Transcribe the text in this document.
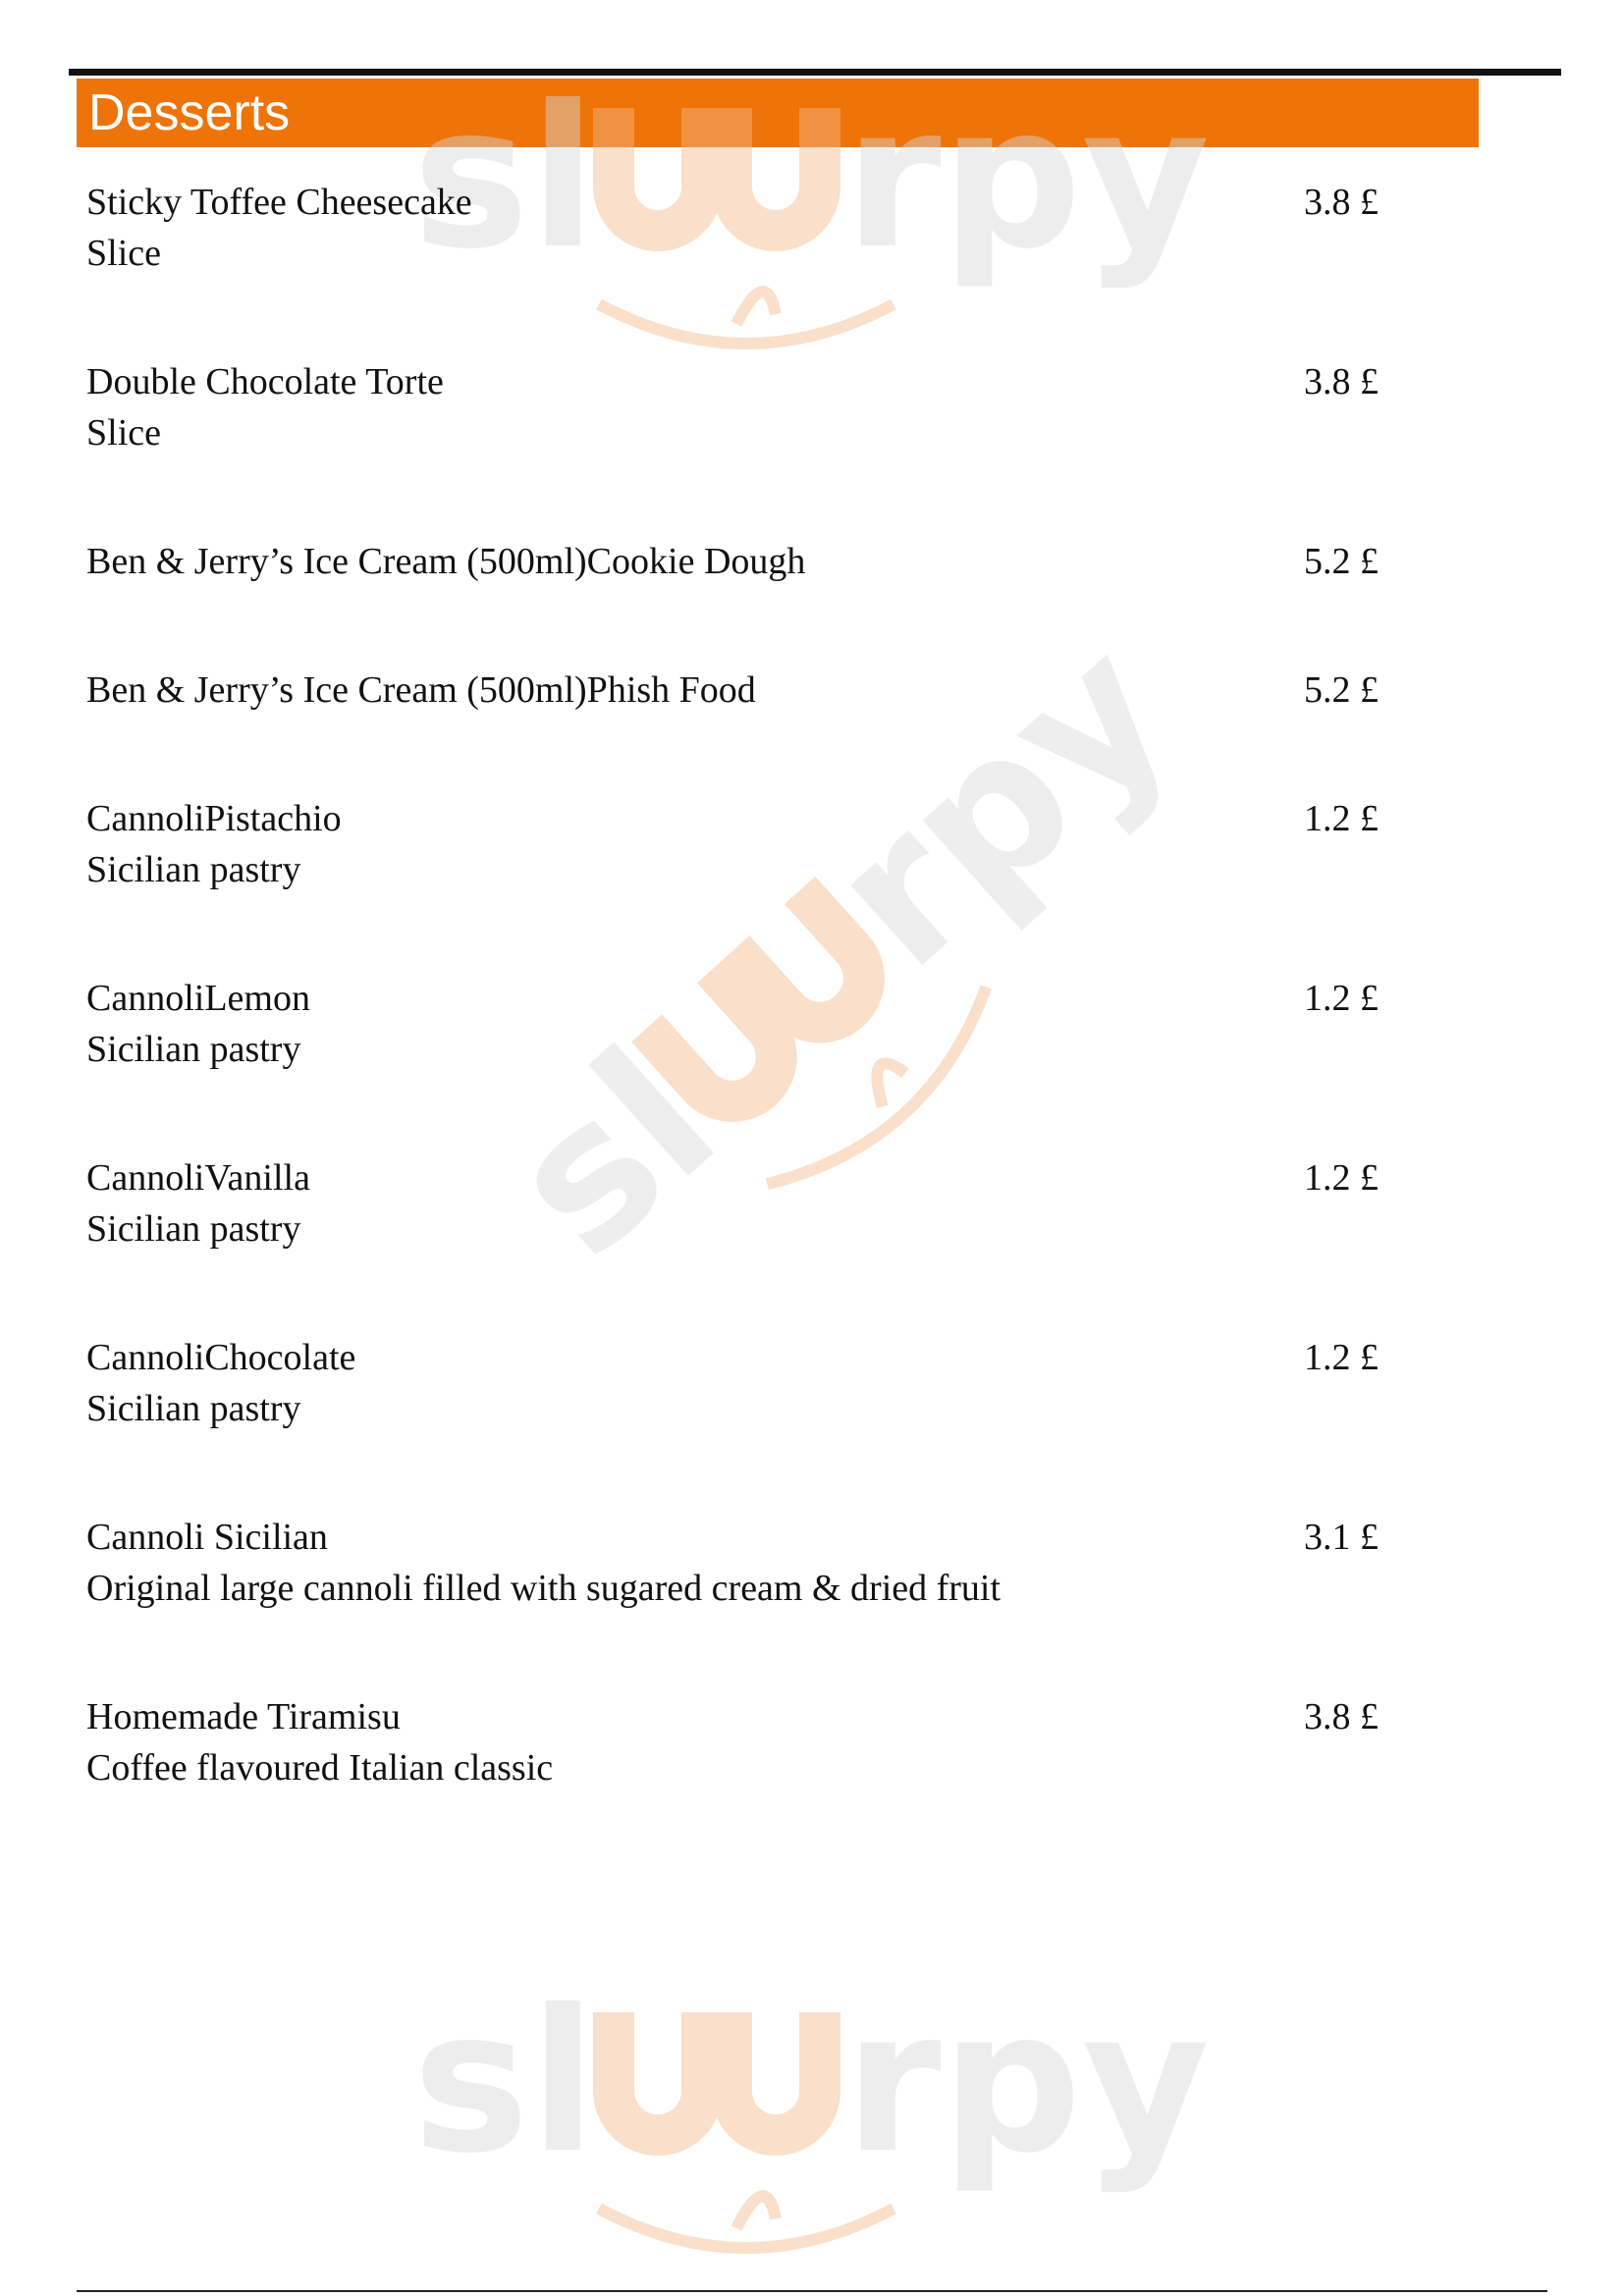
Desserts sl rpy
sl
rpy
sl rpy
Sticky Toffee Cheesecake
Slice
3.8 £
Double Chocolate Torte
Slice
3.8 £
Ben & Jerry’s Ice Cream (500ml)Cookie Dough	5.2 £
Ben & Jerry’s Ice Cream (500ml)Phish Food	5.2 £
CannoliPistachio
Sicilian pastry
1.2 £
CannoliLemon
Sicilian pastry
1.2 £
CannoliVanilla
Sicilian pastry
1.2 £
CannoliChocolate
Sicilian pastry
1.2 £
Cannoli Sicilian
Original large cannoli filled with sugared cream & dried fruit
3.1 £
Homemade Tiramisu
Coffee flavoured Italian classic
3.8 £
